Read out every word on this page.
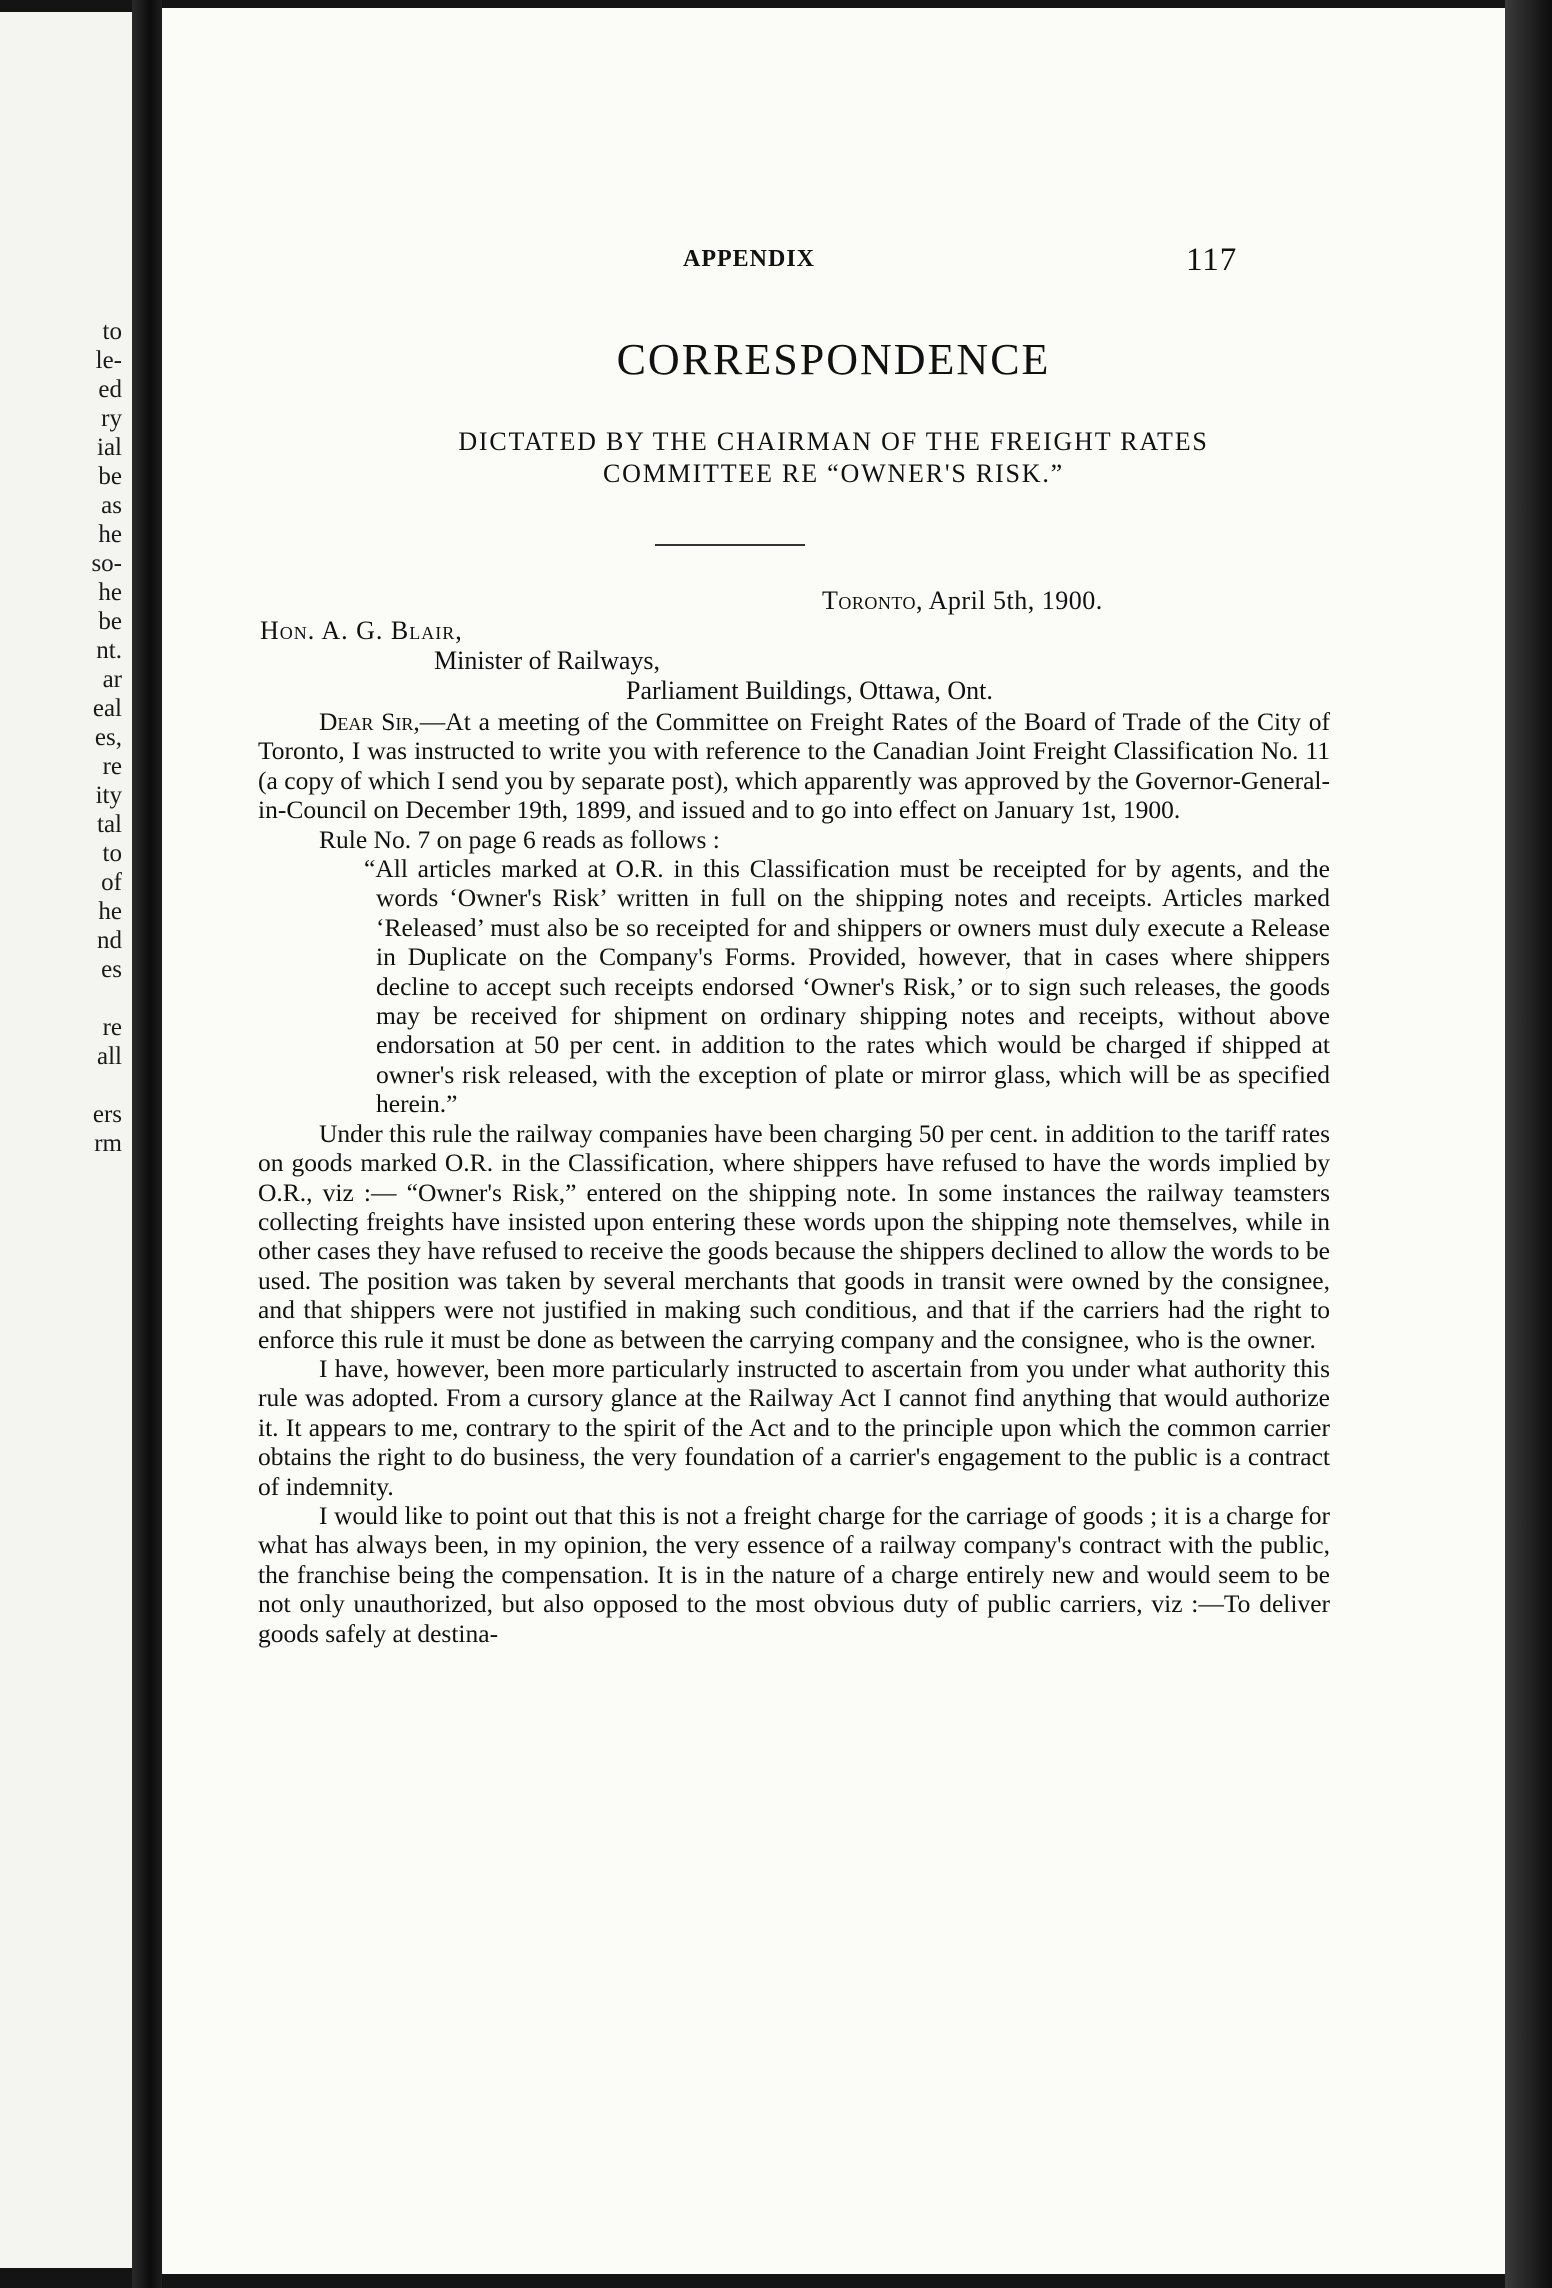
to
le-
ed
ry
ial
be
as
he
so-
he
be
nt.
ar
eal
es,
re
ity
tal
to
of
he
nd
es
re
all
ers
rm
APPENDIX	117
CORRESPONDENCE
DICTATED BY THE CHAIRMAN OF THE FREIGHT RATES
COMMITTEE RE “OWNER'S RISK.”
Toronto, April 5th, 1900.
Hon. A. G. Blair,
Minister of Railways,
Parliament Buildings, Ottawa, Ont.

Dear Sir,—At a meeting of the Committee on Freight Rates of the Board of Trade of the City of Toronto, I was instructed to write you with reference to the Canadian Joint Freight Classification No. 11 (a copy of which I send you by separate post), which apparently was approved by the Governor-General-in-Council on December 19th, 1899, and issued and to go into effect on January 1st, 1900.

Rule No. 7 on page 6 reads as follows :

“All articles marked at O.R. in this Classification must be receipted for by agents, and the words ‘Owner's Risk’ written in full on the shipping notes and receipts. Articles marked ‘Released’ must also be so receipted for and shippers or owners must duly execute a Release in Duplicate on the Company's Forms. Provided, however, that in cases where shippers decline to accept such receipts endorsed ‘Owner's Risk,’ or to sign such releases, the goods may be received for shipment on ordinary shipping notes and receipts, without above endorsation at 50 per cent. in addition to the rates which would be charged if shipped at owner's risk released, with the exception of plate or mirror glass, which will be as specified herein.”

Under this rule the railway companies have been charging 50 per cent. in addition to the tariff rates on goods marked O.R. in the Classification, where shippers have refused to have the words implied by O.R., viz :— “Owner's Risk,” entered on the shipping note. In some instances the railway teamsters collecting freights have insisted upon entering these words upon the shipping note themselves, while in other cases they have refused to receive the goods because the shippers declined to allow the words to be used. The position was taken by several merchants that goods in transit were owned by the consignee, and that shippers were not justified in making such conditious, and that if the carriers had the right to enforce this rule it must be done as between the carrying company and the consignee, who is the owner.

I have, however, been more particularly instructed to ascertain from you under what authority this rule was adopted. From a cursory glance at the Railway Act I cannot find anything that would authorize it. It appears to me, contrary to the spirit of the Act and to the principle upon which the common carrier obtains the right to do business, the very foundation of a carrier's engagement to the public is a contract of indemnity.

I would like to point out that this is not a freight charge for the carriage of goods ; it is a charge for what has always been, in my opinion, the very essence of a railway company's contract with the public, the franchise being the compensation. It is in the nature of a charge entirely new and would seem to be not only unauthorized, but also opposed to the most obvious duty of public carriers, viz :—To deliver goods safely at destina-
